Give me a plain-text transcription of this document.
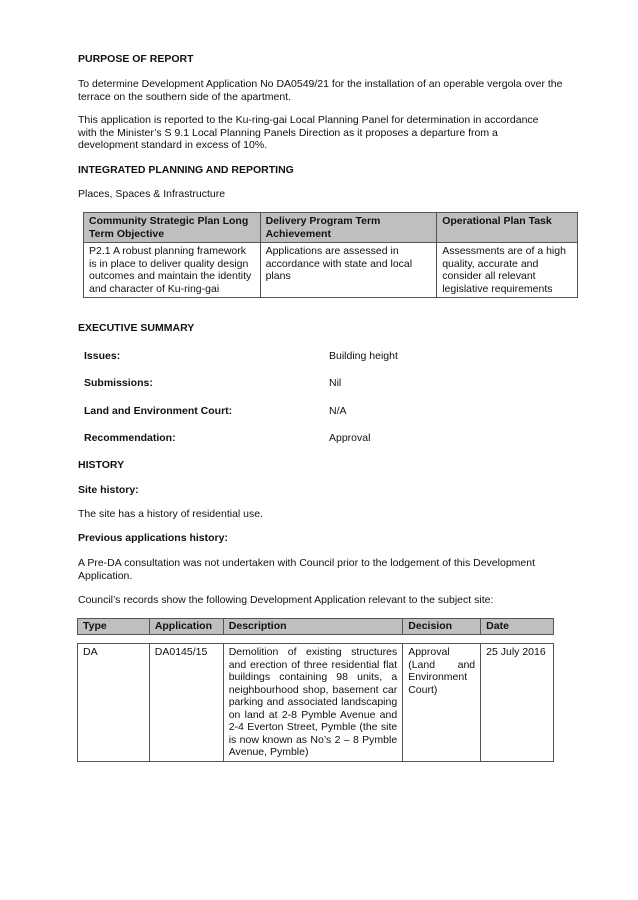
PURPOSE OF REPORT
To determine Development Application No DA0549/21 for the installation of an operable vergola over the terrace on the southern side of the apartment.
This application is reported to the Ku-ring-gai Local Planning Panel for determination in accordance with the Minister’s S 9.1 Local Planning Panels Direction as it proposes a departure from a development standard in excess of 10%.
INTEGRATED PLANNING AND REPORTING
Places, Spaces & Infrastructure
Community Strategic Plan Long Term Objective	Delivery Program Term Achievement	Operational Plan Task
P2.1 A robust planning framework is in place to deliver quality design outcomes and maintain the identity and character of Ku-ring-gai	Applications are assessed in accordance with state and local plans	Assessments are of a high quality, accurate and consider all relevant legislative requirements
EXECUTIVE SUMMARY
Issues:	Building height
Submissions:	Nil
Land and Environment Court:	N/A
Recommendation:	Approval
HISTORY
Site history:
The site has a history of residential use.
Previous applications history:
A Pre-DA consultation was not undertaken with Council prior to the lodgement of this Development Application.
Council’s records show the following Development Application relevant to the subject site:
Type	Application	Description	Decision	Date
DA	DA0145/15	Demolition of existing structures and erection of three residential flat buildings containing 98 units, a neighbourhood shop, basement car parking and associated landscaping on land at 2-8 Pymble Avenue and 2-4 Everton Street, Pymble (the site is now known as No’s 2 – 8 Pymble Avenue, Pymble)	Approval (Land and Environment Court)	25 July 2016
